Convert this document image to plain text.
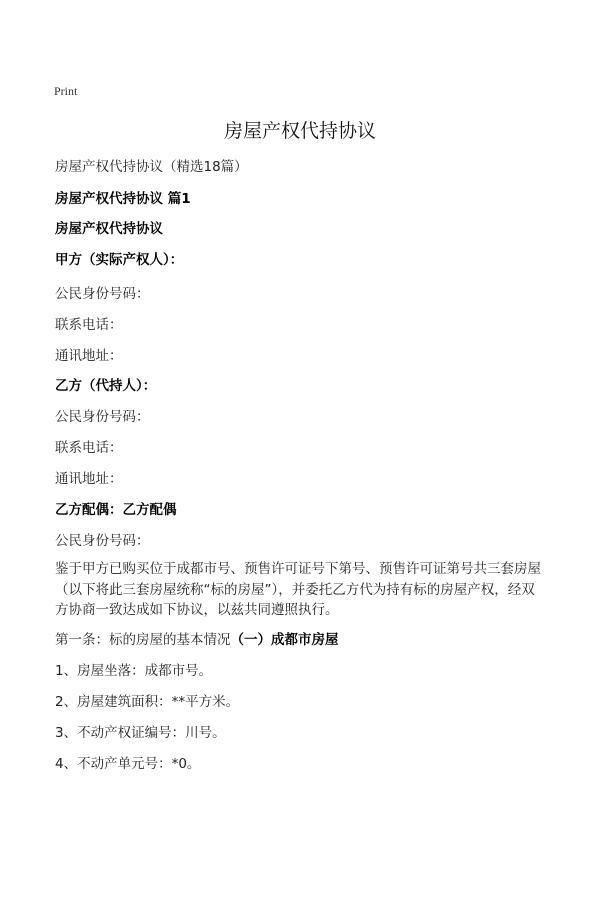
Print
房屋产权代持协议
房屋产权代持协议（精选18篇）
房屋产权代持协议 篇1
房屋产权代持协议
甲方（实际产权人）：
公民身份号码：
联系电话：
通讯地址：
乙方（代持人）：
公民身份号码：
联系电话：
通讯地址：
乙方配偶：乙方配偶
公民身份号码：
鉴于甲方已购买位于成都市号、预售许可证号下第号、预售许可证第号共三套房屋
（以下将此三套房屋统称“标的房屋”），并委托乙方代为持有标的房屋产权，经双
方协商一致达成如下协议，以兹共同遵照执行。
第一条：标的房屋的基本情况（一）成都市房屋
1、房屋坐落：成都市号。
2、房屋建筑面积：**平方米。
3、不动产权证编号：川号。
4、不动产单元号：*0。
